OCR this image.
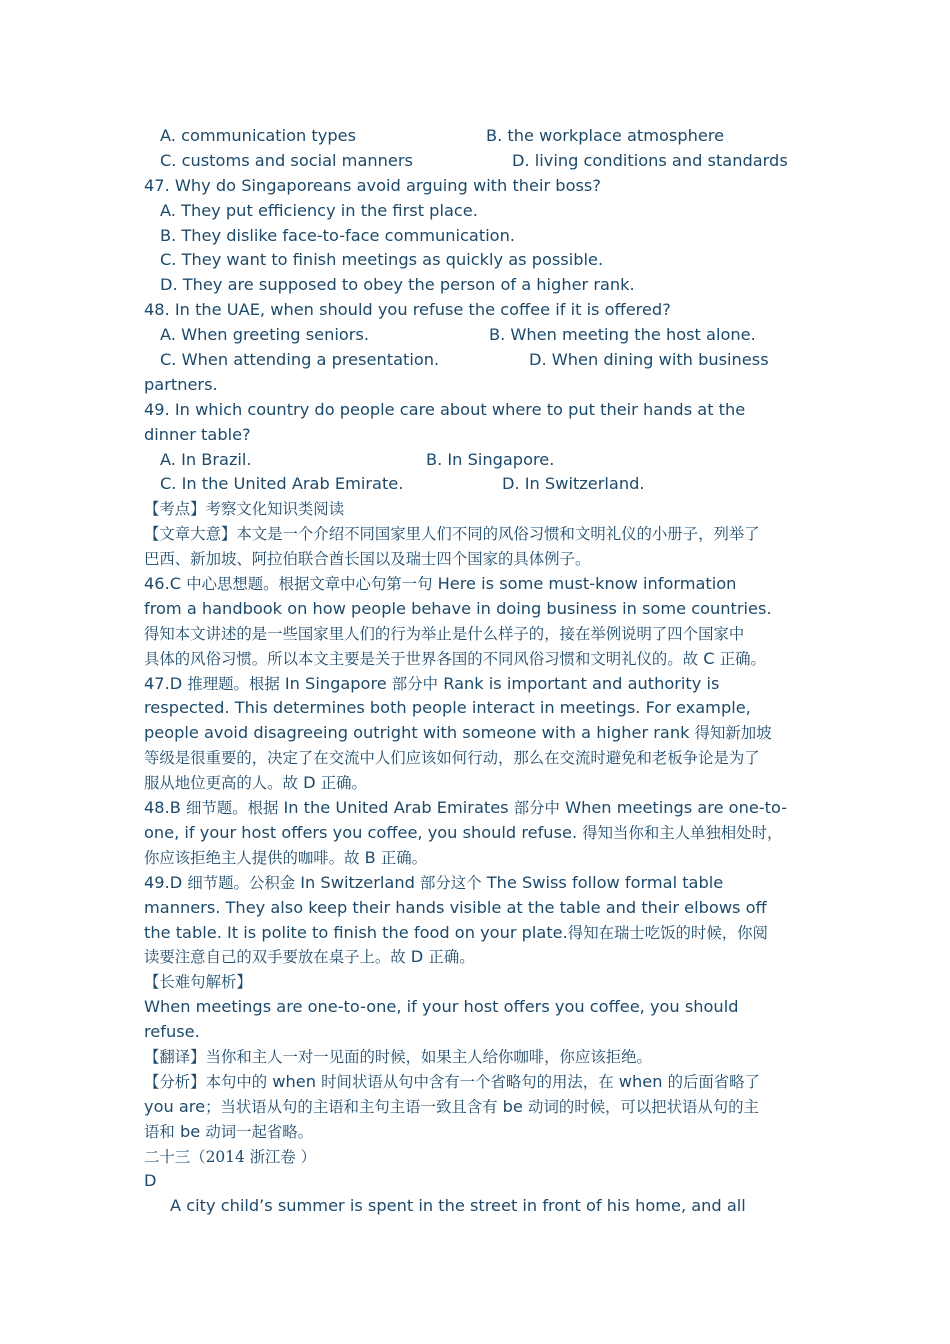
A. communication types	B. the workplace atmosphere
C. customs and social manners	D. living conditions and standards
47. Why do Singaporeans avoid arguing with their boss?
A. They put efficiency in the first place.
B. They dislike face-to-face communication.
C. They want to finish meetings as quickly as possible.
D. They are supposed to obey the person of a higher rank.
48. In the UAE, when should you refuse the coffee if it is offered?
A. When greeting seniors.	B. When meeting the host alone.
C. When attending a presentation.	D. When dining with business
partners.
49. In which country do people care about where to put their hands at the
dinner table?
A. In Brazil.	B. In Singapore.
C. In the United Arab Emirate.	D. In Switzerland.
【考点】考察文化知识类阅读
【文章大意】本文是一个介绍不同国家里人们不同的风俗习惯和文明礼仪的小册子，列举了
巴西、新加坡、阿拉伯联合酋长国以及瑞士四个国家的具体例子。
46.C 中心思想题。根据文章中心句第一句 Here is some must-know information
from a handbook on how people behave in doing business in some countries.
得知本文讲述的是一些国家里人们的行为举止是什么样子的，接在举例说明了四个国家中
具体的风俗习惯。所以本文主要是关于世界各国的不同风俗习惯和文明礼仪的。故 C 正确。
47.D 推理题。根据 In Singapore 部分中 Rank is important and authority is
respected. This determines both people interact in meetings. For example,
people avoid disagreeing outright with someone with a higher rank 得知新加坡
等级是很重要的，决定了在交流中人们应该如何行动，那么在交流时避免和老板争论是为了
服从地位更高的人。故 D 正确。
48.B 细节题。根据 In the United Arab Emirates 部分中 When meetings are one-to-
one, if your host offers you coffee, you should refuse. 得知当你和主人单独相处时，
你应该拒绝主人提供的咖啡。故 B 正确。
49.D 细节题。公积金 In Switzerland 部分这个 The Swiss follow formal table
manners. They also keep their hands visible at the table and their elbows off
the table. It is polite to finish the food on your plate.得知在瑞士吃饭的时候，你阅
读要注意自己的双手要放在桌子上。故 D 正确。
【长难句解析】
When meetings are one-to-one, if your host offers you coffee, you should
refuse.
【翻译】当你和主人一对一见面的时候，如果主人给你咖啡，你应该拒绝。
【分析】本句中的 when 时间状语从句中含有一个省略句的用法，在 when 的后面省略了
you are；当状语从句的主语和主句主语一致且含有 be 动词的时候，可以把状语从句的主
语和 be 动词一起省略。
二十三（2014 浙江卷 ）
D
A city child’s summer is spent in the street in front of his home, and all
